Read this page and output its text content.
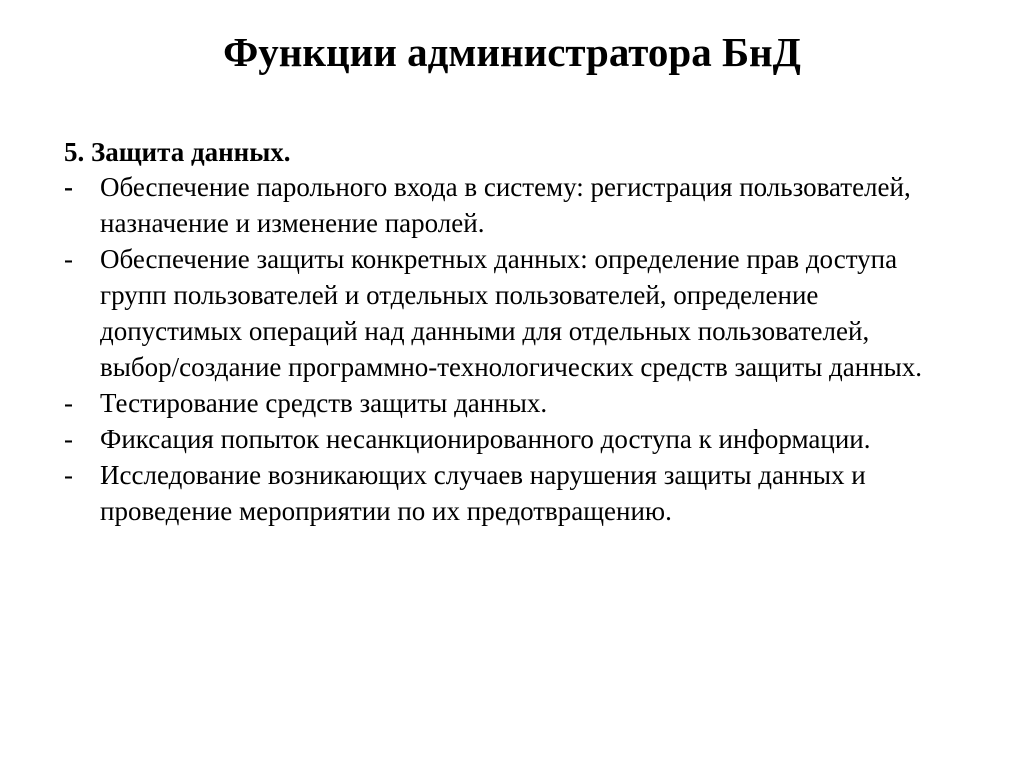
Функции администратора БнД
5. Защита данных.
-	Обеспечение парольного входа в систему: регистрация пользователей, назначение и изменение паролей.
-	Обеспечение защиты конкретных данных: определение прав доступа групп пользователей и отдельных пользователей, определение допустимых операций над данными для отдельных пользователей, выбор/создание программно-технологических средств защиты данных.
-	Тестирование средств защиты данных.
-	Фиксация попыток несанкционированного доступа к информации.
-	Исследование возникающих случаев нарушения защиты данных и проведение мероприятии по их предотвращению.
